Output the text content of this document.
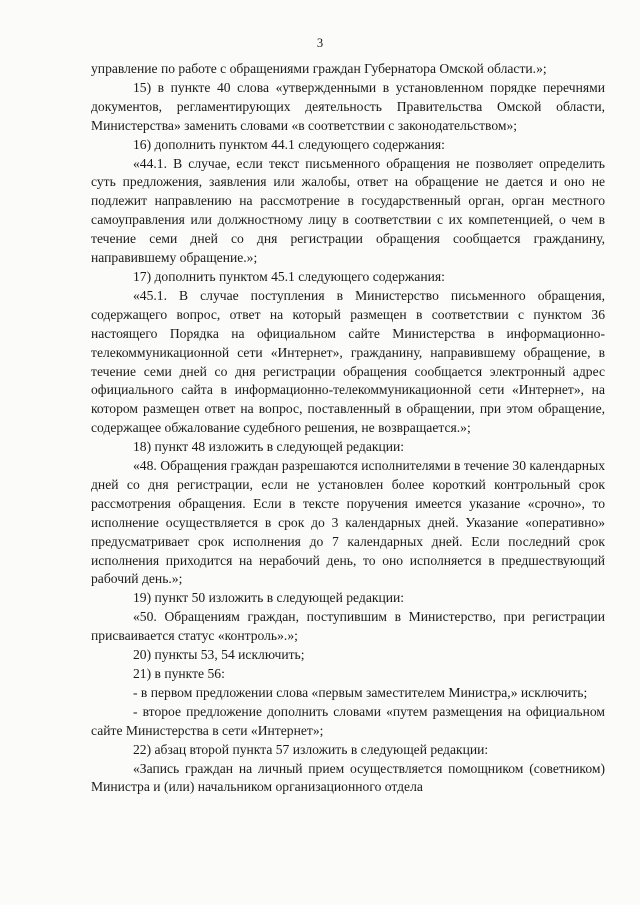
3

управление по работе с обращениями граждан Губернатора Омской области.»;

15) в пункте 40 слова «утвержденными в установленном порядке перечнями документов, регламентирующих деятельность Правительства Омской области, Министерства» заменить словами «в соответствии с законодательством»;

16) дополнить пунктом 44.1 следующего содержания:

«44.1. В случае, если текст письменного обращения не позволяет определить суть предложения, заявления или жалобы, ответ на обращение не дается и оно не подлежит направлению на рассмотрение в государственный орган, орган местного самоуправления или должностному лицу в соответствии с их компетенцией, о чем в течение семи дней со дня регистрации обращения сообщается гражданину, направившему обращение.»;

17) дополнить пунктом 45.1 следующего содержания:

«45.1. В случае поступления в Министерство письменного обращения, содержащего вопрос, ответ на который размещен в соответствии с пунктом 36 настоящего Порядка на официальном сайте Министерства в информационно-телекоммуникационной сети «Интернет», гражданину, направившему обращение, в течение семи дней со дня регистрации обращения сообщается электронный адрес официального сайта в информационно-телекоммуникационной сети «Интернет», на котором размещен ответ на вопрос, поставленный в обращении, при этом обращение, содержащее обжалование судебного решения, не возвращается.»;

18) пункт 48 изложить в следующей редакции:

«48. Обращения граждан разрешаются исполнителями в течение 30 календарных дней со дня регистрации, если не установлен более короткий контрольный срок рассмотрения обращения. Если в тексте поручения имеется указание «срочно», то исполнение осуществляется в срок до 3 календарных дней. Указание «оперативно» предусматривает срок исполнения до 7 календарных дней. Если последний срок исполнения приходится на нерабочий день, то оно исполняется в предшествующий рабочий день.»;

19) пункт 50 изложить в следующей редакции:

«50. Обращениям граждан, поступившим в Министерство, при регистрации присваивается статус «контроль».»;

20) пункты 53, 54 исключить;

21) в пункте 56:

- в первом предложении слова «первым заместителем Министра,» исключить;

- второе предложение дополнить словами «путем размещения на официальном сайте Министерства в сети «Интернет»;

22) абзац второй пункта 57 изложить в следующей редакции:

«Запись граждан на личный прием осуществляется помощником (советником) Министра и (или) начальником организационного отдела
